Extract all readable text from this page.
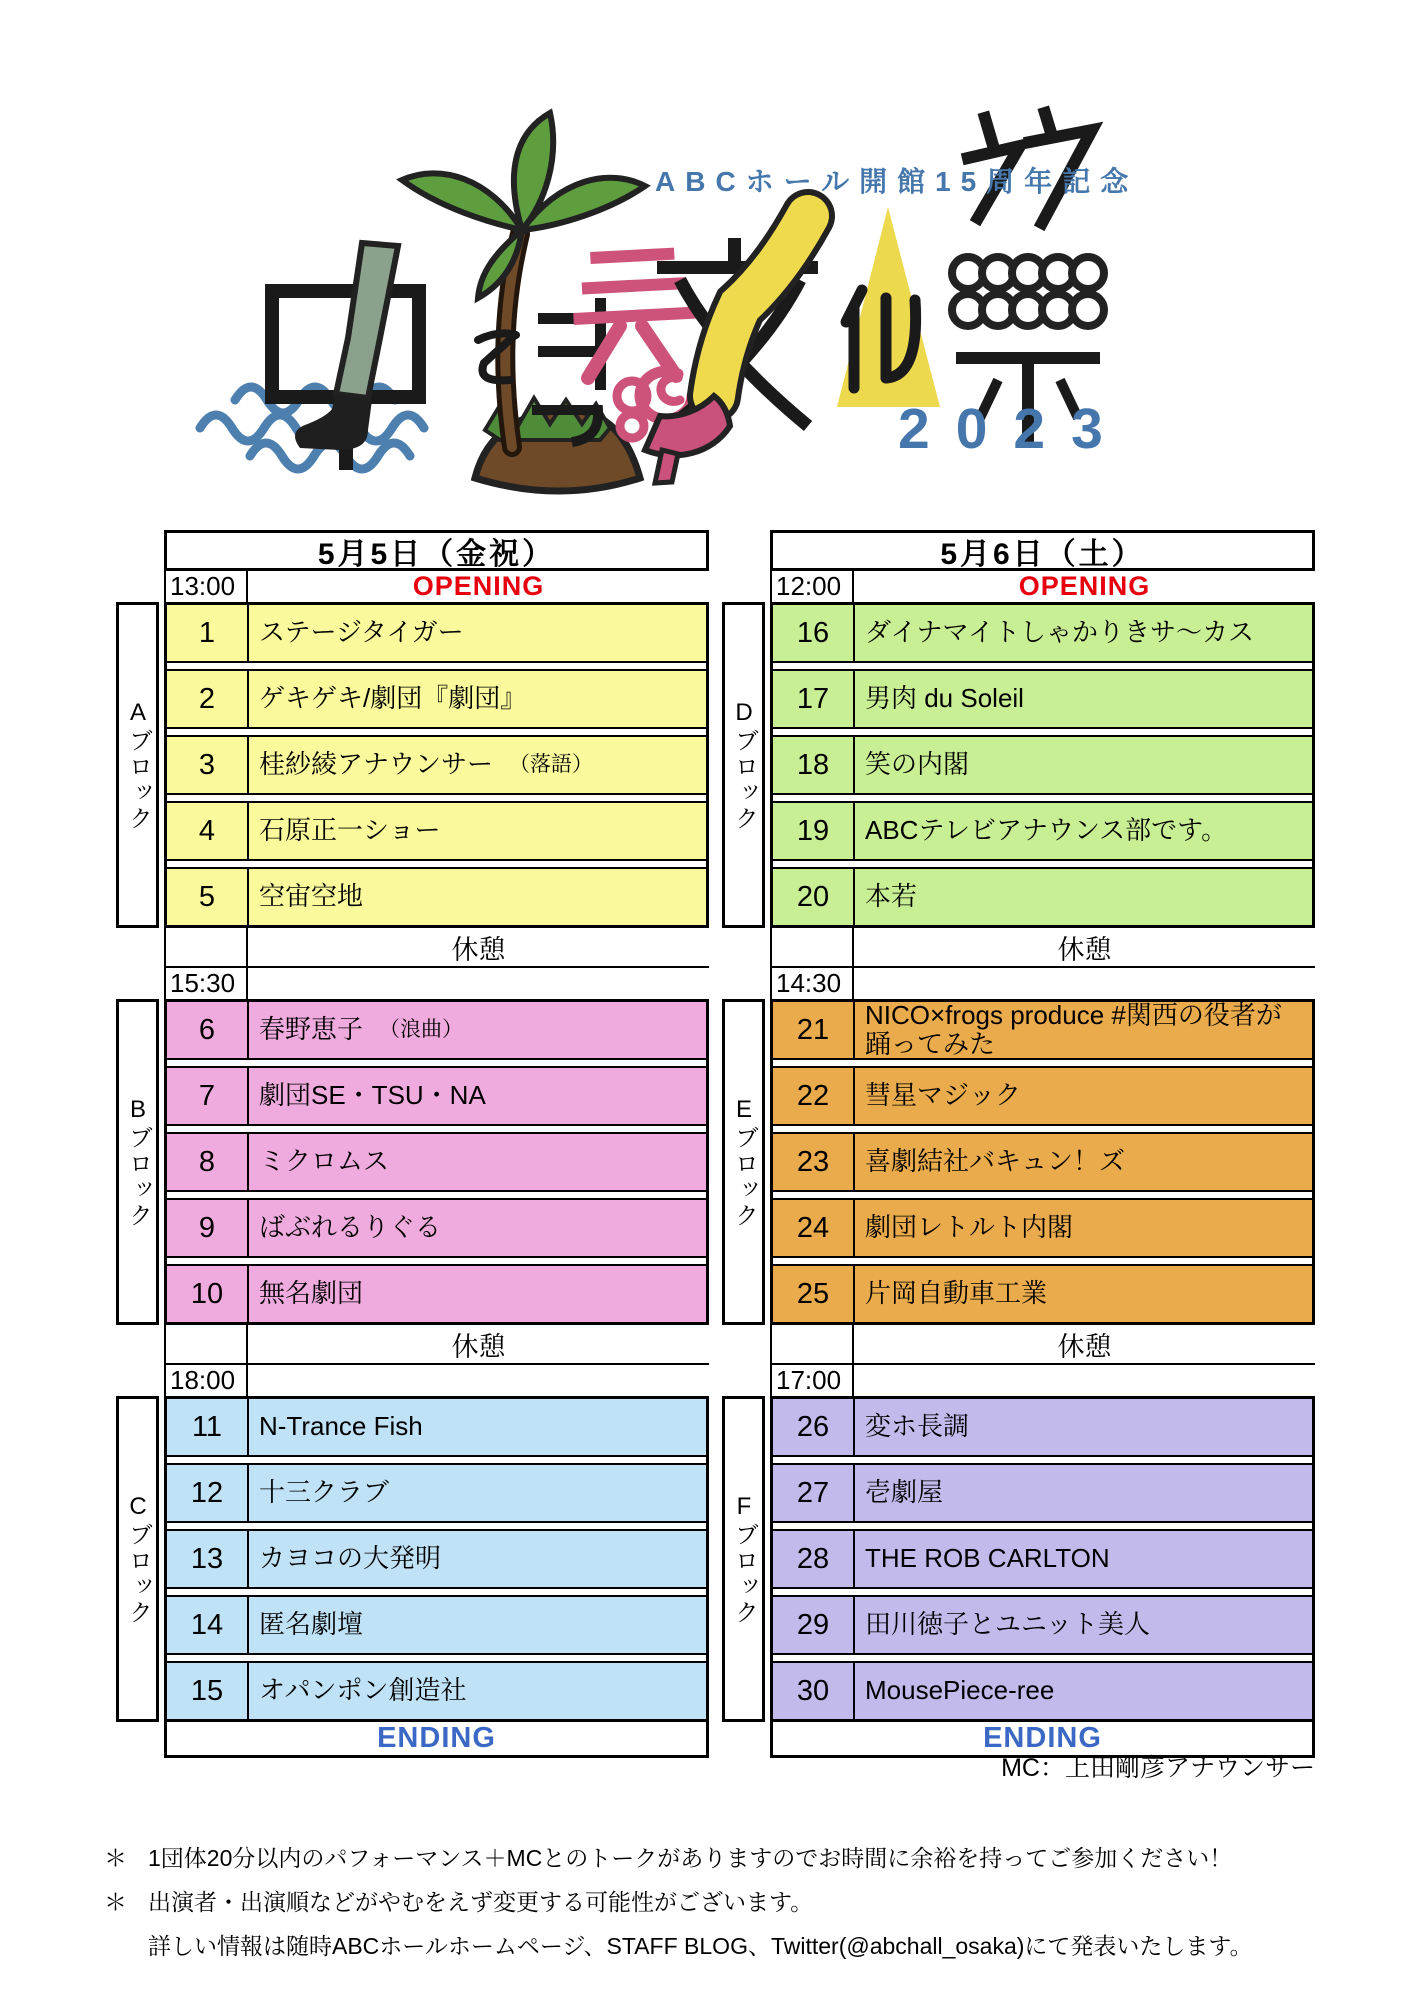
ABCホール開館15周年記念
2023
5月5日（金祝）
13:00	OPENING
Aブロック
1	ステージタイガー
2	ゲキゲキ/劇団『劇団』
3	桂紗綾アナウンサー （落語）
4	石原正一ショー
5	空宙空地
休憩
15:30
Bブロック
6	春野恵子 （浪曲）
7	劇団SE・TSU・NA
8	ミクロムス
9	ばぶれるりぐる
10	無名劇団
休憩
18:00
Cブロック
11	N-Trance Fish
12	十三クラブ
13	カヨコの大発明
14	匿名劇壇
15	オパンポン創造社
ENDING
5月6日（土）
12:00	OPENING
Dブロック
16	ダイナマイトしゃかりきサ〜カス
17	男肉 du Soleil
18	笑の内閣
19	ABCテレビアナウンス部です。
20	本若
休憩
14:30
Eブロック
21	NICO×frogs produce #関西の役者が踊ってみた
22	彗星マジック
23	喜劇結社バキュン！ズ
24	劇団レトルト内閣
25	片岡自動車工業
休憩
17:00
Fブロック
26	変ホ長調
27	壱劇屋
28	THE ROB CARLTON
29	田川徳子とユニット美人
30	MousePiece-ree
ENDING
MC：上田剛彦アナウンサー
＊ 1団体20分以内のパフォーマンス＋MCとのトークがありますのでお時間に余裕を持ってご参加ください！
＊ 出演者・出演順などがやむをえず変更する可能性がございます。
詳しい情報は随時ABCホールホームページ、STAFF BLOG、Twitter(@abchall_osaka)にて発表いたします。
